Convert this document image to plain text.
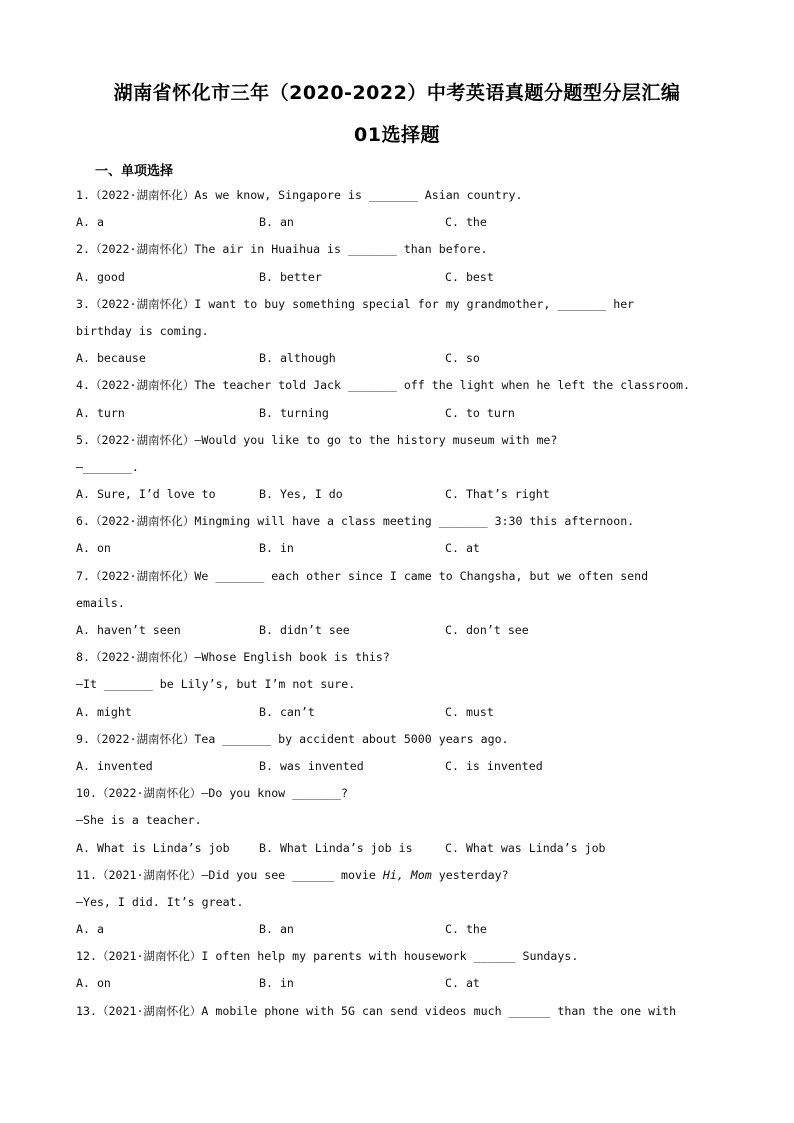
湖南省怀化市三年（2020-2022）中考英语真题分题型分层汇编
01选择题
一、单项选择
1.（2022·湖南怀化）As we know, Singapore is _______ Asian country.
A. a	B. an	C. the
2.（2022·湖南怀化）The air in Huaihua is _______ than before.
A. good	B. better	C. best
3.（2022·湖南怀化）I want to buy something special for my grandmother, _______ her
birthday is coming.
A. because	B. although	C. so
4.（2022·湖南怀化）The teacher told Jack _______ off the light when he left the classroom.
A. turn	B. turning	C. to turn
5.（2022·湖南怀化）—Would you like to go to the history museum with me?
—_______.
A. Sure, I’d love to	B. Yes, I do	C. That’s right
6.（2022·湖南怀化）Mingming will have a class meeting _______ 3:30 this afternoon.
A. on	B. in	C. at
7.（2022·湖南怀化）We _______ each other since I came to Changsha, but we often send
emails.
A. haven’t seen	B. didn’t see	C. don’t see
8.（2022·湖南怀化）—Whose English book is this?
—It _______ be Lily’s, but I’m not sure.
A. might	B. can’t	C. must
9.（2022·湖南怀化）Tea _______ by accident about 5000 years ago.
A. invented	B. was invented	C. is invented
10.（2022·湖南怀化）—Do you know _______?
—She is a teacher.
A. What is Linda’s job	B. What Linda’s job is	C. What was Linda’s job
11.（2021·湖南怀化）—Did you see ______ movie Hi, Mom yesterday?
—Yes, I did. It’s great.
A. a	B. an	C. the
12.（2021·湖南怀化）I often help my parents with housework ______ Sundays.
A. on	B. in	C. at
13.（2021·湖南怀化）A mobile phone with 5G can send videos much ______ than the one with
